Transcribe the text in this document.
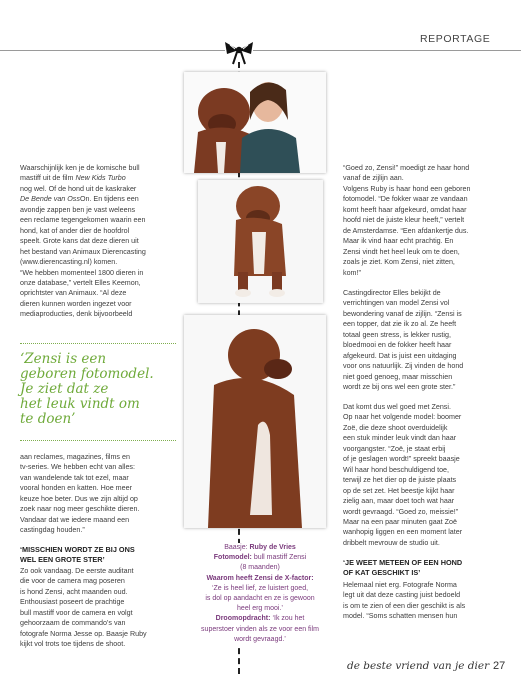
REPORTAGE

Waarschijnlijk ken je de komische bull

mastiff uit de film New Kids Turbo

nog wel. Of de hond uit de kaskraker

De Bende van OssOn. En tijdens een

avondje zappen ben je vast weleens

een reclame tegengekomen waarin een

hond, kat of ander dier de hoofdrol

speelt. Grote kans dat deze dieren uit

het bestand van Animaux Dierencasting

(www.dierencasting.nl) komen.

“We hebben momenteel 1800 dieren in

onze database,” vertelt Elles Keemon,

oprichtster van Animaux. “Al deze

dieren kunnen worden ingezet voor

mediaproducties, denk bijvoorbeeld

‘Zensi is een
geboren fotomodel.
Je ziet dat ze
het leuk vindt om
te doen’

aan reclames, magazines, films en

tv-series. We hebben echt van alles:

van wandelende tak tot ezel, maar

vooral honden en katten. Hoe meer

keuze hoe beter. Dus we zijn altijd op

zoek naar nog meer geschikte dieren.

Vandaar dat we iedere maand een

castingdag houden.”

‘MISSCHIEN WORDT ZE BIJ ONS

WEL EEN GROTE STER’

Zo ook vandaag. De eerste auditant

die voor de camera mag poseren

is hond Zensi, acht maanden oud.

Enthousiast poseert de prachtige

bull mastiff voor de camera en volgt

gehoorzaam de commando’s van

fotografe Norma Jesse op. Baasje Ruby

kijkt vol trots toe tijdens de shoot.

Baasje: Ruby de Vries
Fotomodel: bull mastiff Zensi
(8 maanden)
Waarom heeft Zensi de X-factor:
‘Ze is heel lief, ze luistert goed,
is dol op aandacht en ze is gewoon
heel erg mooi.’
Droomopdracht: ‘Ik zou het
superstoer vinden als ze voor een film
wordt gevraagd.’

“Goed zo, Zensi!” moedigt ze haar hond

vanaf de zijlijn aan.

Volgens Ruby is haar hond een geboren

fotomodel. “De fokker waar ze vandaan

komt heeft haar afgekeurd, omdat haar

hoofd niet de juiste kleur heeft,” vertelt

de Amsterdamse. “Een afdankertje dus.

Maar ik vind haar echt prachtig. En

Zensi vindt het heel leuk om te doen,

zoals je ziet. Kom Zensi, niet zitten,

kom!”

Castingdirector Elles bekijkt de

verrichtingen van model Zensi vol

bewondering vanaf de zijlijn. “Zensi is

een topper, dat zie ik zo al. Ze heeft

totaal geen stress, is lekker rustig,

bloedmooi en de fokker heeft haar

afgekeurd. Dat is juist een uitdaging

voor ons natuurlijk. Zij vinden de hond

niet goed genoeg, maar misschien

wordt ze bij ons wel een grote ster.”

Dat komt dus wel goed met Zensi.

Op naar het volgende model: boomer

Zoë, die deze shoot overduidelijk

een stuk minder leuk vindt dan haar

voorgangster. “Zoë, je staat erbij

of je geslagen wordt!” spreekt baasje

Wil haar hond beschuldigend toe,

terwijl ze het dier op de juiste plaats

op de set zet. Het beestje kijkt haar

zielig aan, maar doet toch wat haar

wordt gevraagd. “Goed zo, meissie!”

Maar na een paar minuten gaat Zoë

wanhopig liggen en een moment later

dribbelt mevrouw de studio uit.

‘JE WEET METEEN OF EEN HOND

OF KAT GESCHIKT IS’

Helemaal niet erg. Fotografe Norma

legt uit dat deze casting juist bedoeld

is om te zien of een dier geschikt is als

model. “Soms schatten mensen hun

de beste vriend van je dier 27
